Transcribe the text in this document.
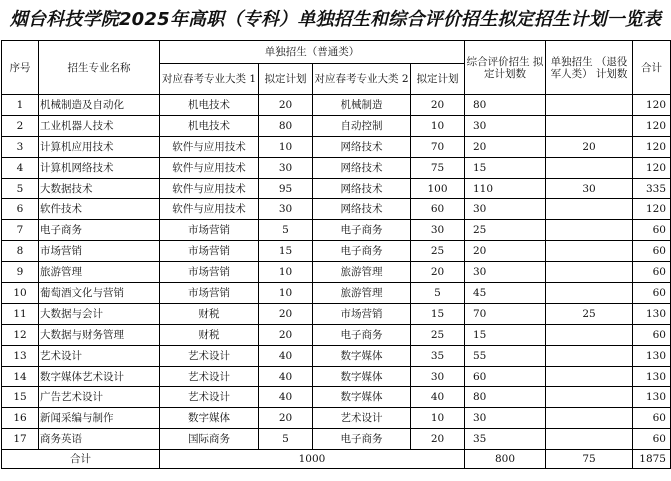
烟台科技学院2025年高职（专科）单独招生和综合评价招生拟定招生计划一览表
序号	招生专业名称	单独招生（普通类）				综合评价招生 拟定计划数	单独招生 （退役军人类） 计划数	合计
		对应春考专业大类 1	拟定计划	对应春考专业大类 2	拟定计划			
1	机械制造及自动化	机电技术	20	机械制造	20	80		120
2	工业机器人技术	机电技术	80	自动控制	10	30		120
3	计算机应用技术	软件与应用技术	10	网络技术	70	20	20	120
4	计算机网络技术	软件与应用技术	30	网络技术	75	15		120
5	大数据技术	软件与应用技术	95	网络技术	100	110	30	335
6	软件技术	软件与应用技术	30	网络技术	60	30		120
7	电子商务	市场营销	5	电子商务	30	25		60
8	市场营销	市场营销	15	电子商务	25	20		60
9	旅游管理	市场营销	10	旅游管理	20	30		60
10	葡萄酒文化与营销	市场营销	10	旅游管理	5	45		60
11	大数据与会计	财税	20	市场营销	15	70	25	130
12	大数据与财务管理	财税	20	电子商务	25	15		60
13	艺术设计	艺术设计	40	数字媒体	35	55		130
14	数字媒体艺术设计	艺术设计	40	数字媒体	30	60		130
15	广告艺术设计	艺术设计	40	数字媒体	40	80		130
16	新闻采编与制作	数字媒体	20	艺术设计	10	30		60
17	商务英语	国际商务	5	电子商务	20	35		60
合计		1000				800	75	1875
